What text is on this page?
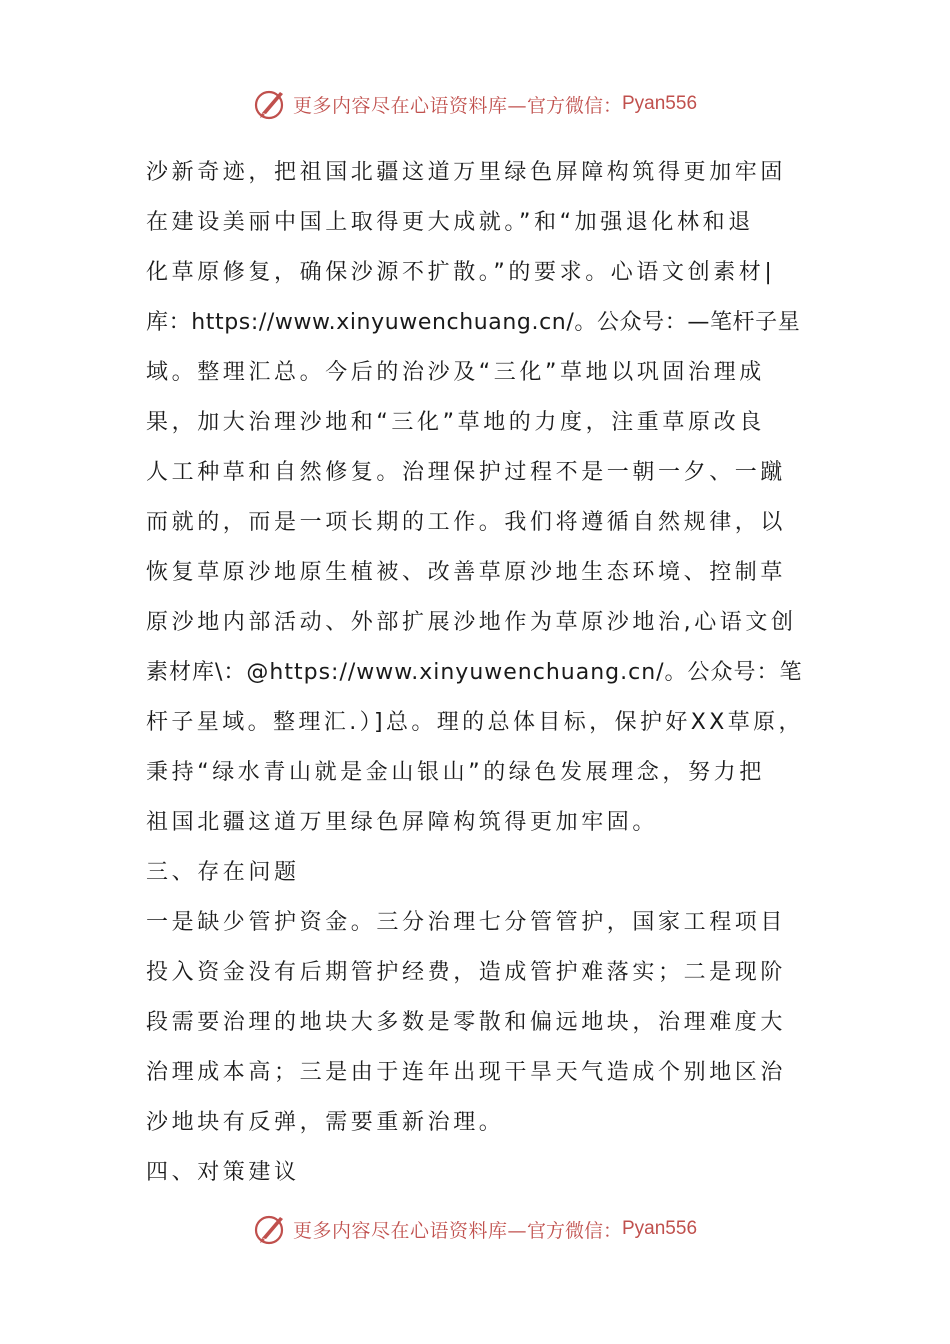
更多内容尽在心语资料库— 官方微信： Pyan556

沙新奇迹，把祖国北疆这道万里绿色屏障构筑得更加牢固

在建设美丽中国上取得更大成就。”和“加强退化林和退

化草原修复，确保沙源不扩散。”的要求。心语文创素材|

库：https://www.xinyuwenchuang.cn/。公众号：—笔杆子星

域。整理汇总。今后的治沙及“三化”草地以巩固治理成

果，加大治理沙地和“三化”草地的力度，注重草原改良

人工种草和自然修复。治理保护过程不是一朝一夕、一蹴

而就的，而是一项长期的工作。我们将遵循自然规律，以

恢复草原沙地原生植被、改善草原沙地生态环境、控制草

原沙地内部活动、外部扩展沙地作为草原沙地治,心语文创

素材库\：@https://www.xinyuwenchuang.cn/。公众号：笔

杆子星域。整理汇.）]总。理的总体目标，保护好XX草原，

秉持“绿水青山就是金山银山”的绿色发展理念，努力把

祖国北疆这道万里绿色屏障构筑得更加牢固。

三、存在问题

一是缺少管护资金。三分治理七分管管护，国家工程项目

投入资金没有后期管护经费，造成管护难落实；二是现阶

段需要治理的地块大多数是零散和偏远地块，治理难度大

治理成本高；三是由于连年出现干旱天气造成个别地区治

沙地块有反弹，需要重新治理。

四、对策建议

更多内容尽在心语资料库— 官方微信： Pyan556
